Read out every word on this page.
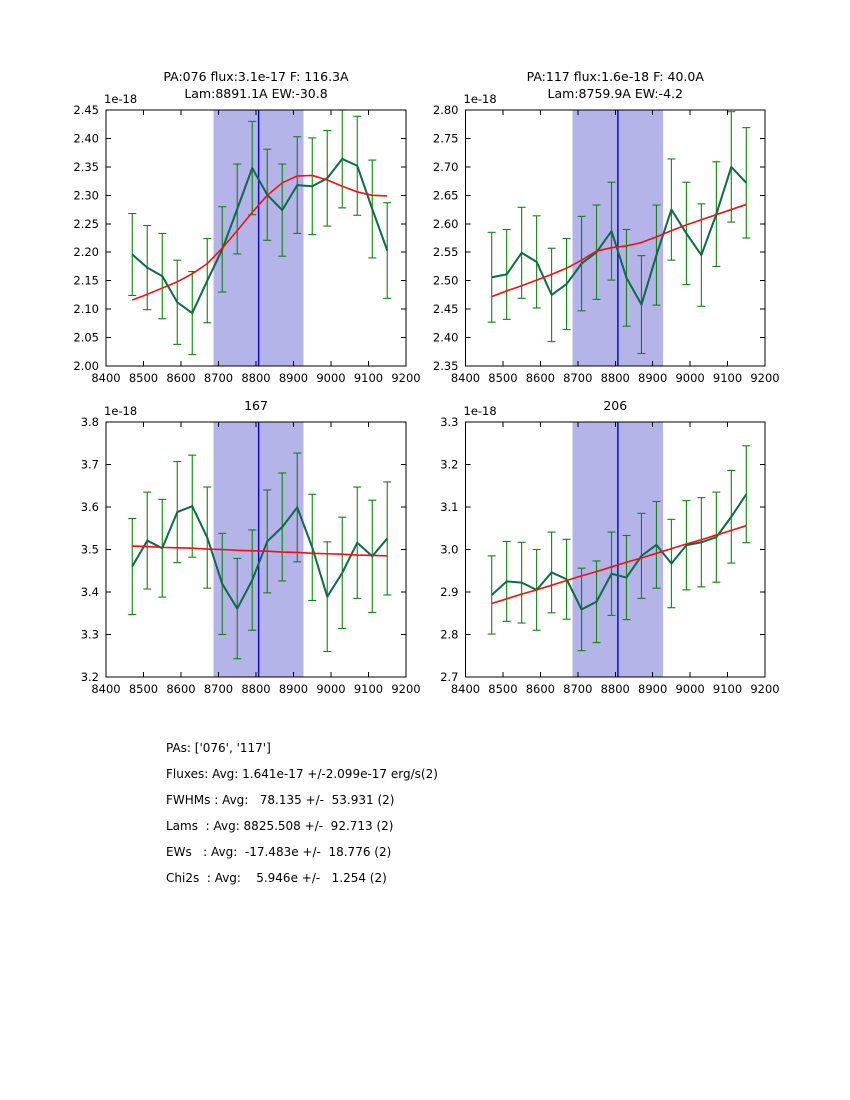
8400 8500 8600 8700 8800 8900 9000 9100 9200
2.00
2.05
2.10
2.15
2.20
2.25
2.30
2.35
2.40
2.45
1e-18
PA:076 flux:3.1e-17 F: 116.3A
Lam:8891.1A EW:-30.8
8400 8500 8600 8700 8800 8900 9000 9100 9200
2.35
2.40
2.45
2.50
2.55
2.60
2.65
2.70
2.75
2.80
1e-18
PA:117 flux:1.6e-18 F: 40.0A
Lam:8759.9A EW:-4.2
8400 8500 8600 8700 8800 8900 9000 9100 9200
3.2
3.3
3.4
3.5
3.6
3.7
3.8
1e-18	167
8400 8500 8600 8700 8800 8900 9000 9100 9200
2.7
2.8
2.9
3.0
3.1
3.2
3.3
1e-18	206
PAs: ['076', '117']
Fluxes: Avg: 1.641e-17 +/-2.099e-17 erg/s(2)
FWHMs : Avg:   78.135 +/-  53.931 (2)
Lams  : Avg: 8825.508 +/-  92.713 (2)
EWs   : Avg:  -17.483e +/-  18.776 (2)
Chi2s  : Avg:    5.946e +/-   1.254 (2)
